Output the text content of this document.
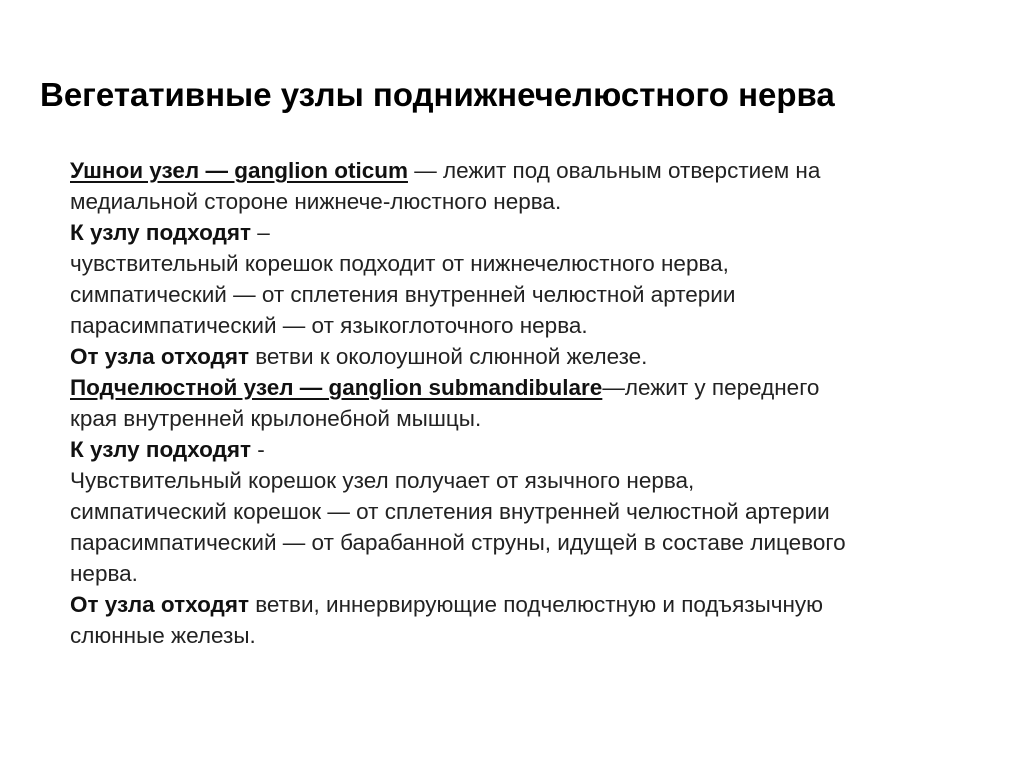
Вегетативные узлы поднижнечелюстного нерва
Ушнои узел — ganglion oticum — лежит под овальным отверстием на
медиальной стороне нижнече-люстного нерва.
К узлу подходят –
чувствительный корешок подходит от нижнечелюстного нерва,
симпатический — от сплетения внутренней челюстной артерии
парасимпатический — от языкоглоточного нерва.
От узла отходят ветви к околоушной слюнной железе.
Подчелюстной узел — ganglion submandibulare—лежит у переднего
края внутренней крылонебной мышцы.
К узлу подходят -
Чувствительный корешок узел получает от язычного нерва,
симпатический корешок — от сплетения внутренней челюстной артерии
парасимпатический — от барабанной струны, идущей в составе лицевого
нерва.
От узла отходят ветви, иннервирующие подчелюстную и подъязычную
слюнные железы.
